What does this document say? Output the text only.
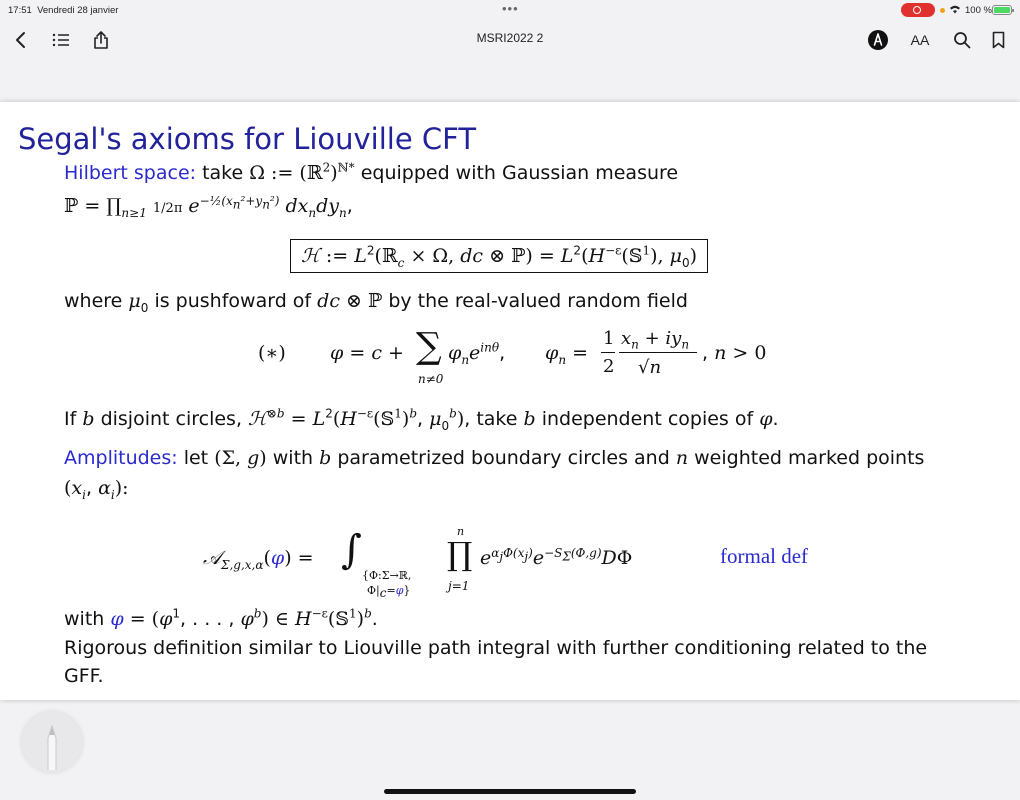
17:51 Vendredi 28 janvier	•••	100 %
MSRI2022 2	AA
Segal's axioms for Liouville CFT
Hilbert space: take Ω := (ℝ$^2$)$^{ℕ*}$ equipped with Gaussian measure
ℙ = $\prod_{n\ge 1}$ 1/2π $e^{-\frac{1}{2}(x_n^2+y_n^2)}$ $dx_ndy_n$,
ℋ := $L^2(ℝ_c \times \Omega$, dc ⊗ ℙ) = $L^2(H^{-\varepsilon}(𝕊^1)$, $\mu_0$)
where $\mu_0$ is pushfoward of dc ⊗ ℙ by the real-valued random field
(∗) φ = c + ∑
n≠0
$\varphi_ne^{in\theta}$, $\varphi_n$ =
1
2
$x_n + iy_n$
√n
, n > 0
If b disjoint circles, ℋ$^{\otimes b}$ = $L^2(H^{-\varepsilon}(𝕊^1)^b$, $\mu_0^b$), take b independent copies of φ.
Amplitudes: let (Σ, g) with b parametrized boundary circles and n weighted marked points
($x_i$, $\alpha_i$):
𝒜$_{\Sigma,g,x,\alpha}$(φ) = ∫
{Φ:Σ→ℝ,
$\Phi|_c=\varphi$}
n
∏
j=1
$e^{\alpha_j\Phi(x_j)}e^{-S_\Sigma(\Phi,g)}D\Phi$	formal def
with $\varphi = (\varphi^1$, . . . , $\varphi^b$) ∈ $H^{-\varepsilon}(𝕊^1)^b$.
Rigorous definition similar to Liouville path integral with further conditioning related to the
GFF.
